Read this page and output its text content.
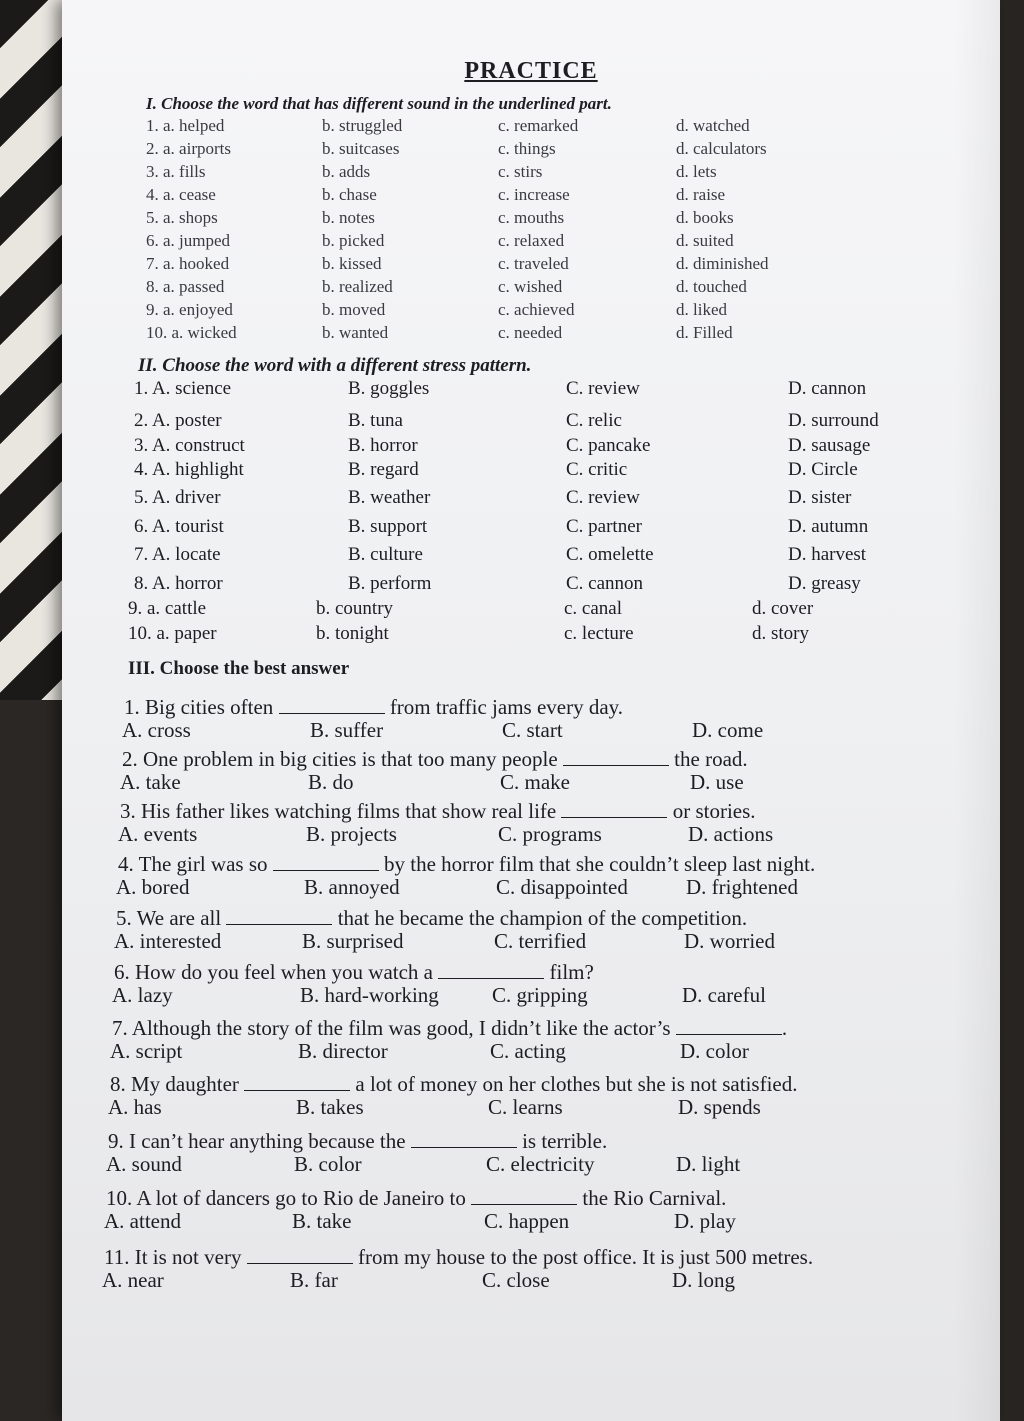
PRACTICE
I. Choose the word that has different sound in the underlined part.
1. a. helped	b. struggled	c. remarked	d. watched
2. a. airports	b. suitcases	c. things	d. calculators
3. a. fills	b. adds	c. stirs	d. lets
4. a. cease	b. chase	c. increase	d. raise
5. a. shops	b. notes	c. mouths	d. books
6. a. jumped	b. picked	c. relaxed	d. suited
7. a. hooked	b. kissed	c. traveled	d. diminished
8. a. passed	b. realized	c. wished	d. touched
9. a. enjoyed	b. moved	c. achieved	d. liked
10. a. wicked	b. wanted	c. needed	d. Filled
II. Choose the word with a different stress pattern.
1. A. science	B. goggles	C. review	D. cannon
2. A. poster	B. tuna	C. relic	D. surround
3. A. construct	B. horror	C. pancake	D. sausage
4. A. highlight	B. regard	C. critic	D. Circle
5. A. driver	B. weather	C. review	D. sister
6. A. tourist	B. support	C. partner	D. autumn
7. A. locate	B. culture	C. omelette	D. harvest
8. A. horror	B. perform	C. cannon	D. greasy
9. a. cattle	b. country	c. canal	d. cover
10. a. paper	b. tonight	c. lecture	d. story
III. Choose the best answer
1. Big cities often	from traffic jams every day.
A. cross	B. suffer	C. start	D. come
2. One problem in big cities is that too many people	the road.
A. take	B. do	C. make	D. use
3. His father likes watching films that show real life	or stories.
A. events	B. projects	C. programs	D. actions
4. The girl was so	by the horror film that she couldn’t sleep last night.
A. bored	B. annoyed	C. disappointed	D. frightened
5. We are all	that he became the champion of the competition.
A. interested	B. surprised	C. terrified	D. worried
6. How do you feel when you watch a	film?
A. lazy	B. hard-working	C. gripping	D. careful
7. Although the story of the film was good, I didn’t like the actor’s	.
A. script	B. director	C. acting	D. color
8. My daughter	a lot of money on her clothes but she is not satisfied.
A. has	B. takes	C. learns	D. spends
9. I can’t hear anything because the	is terrible.
A. sound	B. color	C. electricity	D. light
10. A lot of dancers go to Rio de Janeiro to	the Rio Carnival.
A. attend	B. take	C. happen	D. play
11. It is not very	from my house to the post office. It is just 500 metres.
A. near	B. far	C. close	D. long
